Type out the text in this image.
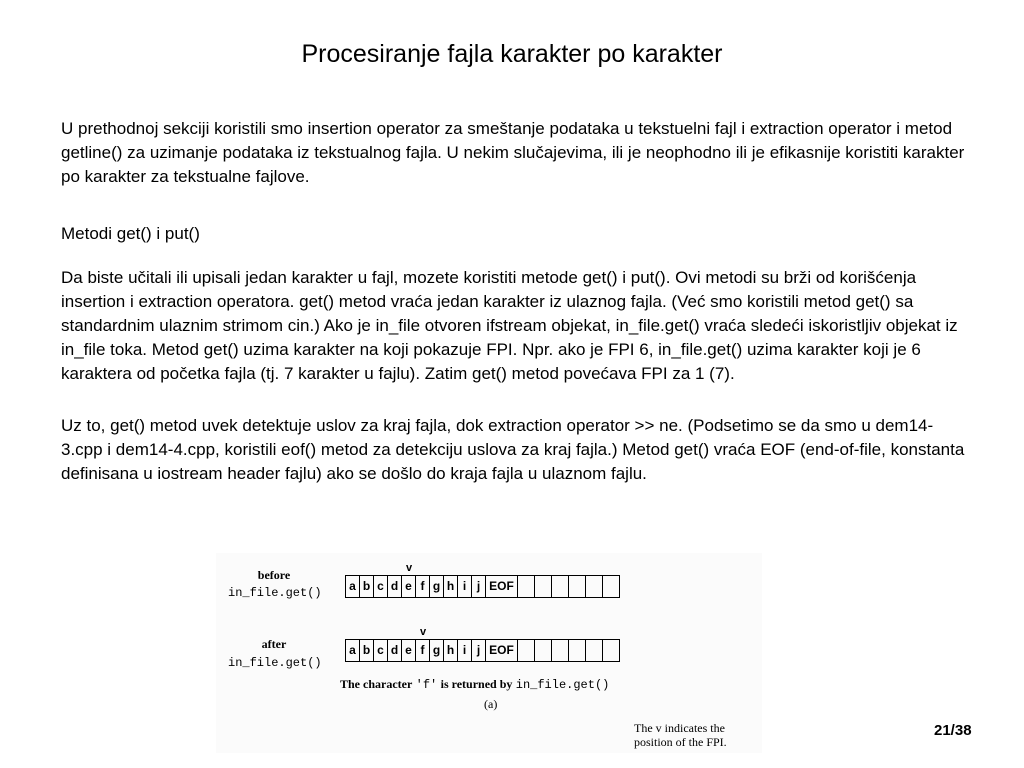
Procesiranje fajla karakter po karakter

U prethodnoj sekciji koristili smo insertion operator za smeštanje podataka u tekstuelni fajl i extraction operator i metod getline() za uzimanje podataka iz tekstualnog fajla. U nekim slučajevima, ili je neophodno ili je efikasnije koristiti karakter po karakter za tekstualne fajlove.

Metodi get() i put()

Da biste učitali ili upisali jedan karakter u fajl, mozete koristiti metode get() i put(). Ovi metodi su brži od korišćenja insertion i extraction operatora. get() metod vraća jedan karakter iz ulaznog fajla. (Već smo koristili metod get() sa standardnim ulaznim strimom cin.) Ako je in_file otvoren ifstream objekat, in_file.get() vraća sledeći iskoristljiv objekat iz in_file toka. Metod get() uzima karakter na koji pokazuje FPI. Npr. ako je FPI 6, in_file.get() uzima karakter koji je 6 karaktera od početka fajla (tj. 7 karakter u fajlu). Zatim get() metod povećava FPI za 1 (7).

Uz to, get() metod uvek detektuje uslov za kraj fajla, dok extraction operator >> ne. (Podsetimo se da smo u dem14-3.cpp i dem14-4.cpp, koristili eof() metod za detekciju uslova za kraj fajla.) Metod get() vraća EOF (end-of-file, konstanta definisana u iostream header fajlu) ako se došlo do kraja fajla u ulaznom fajlu.

before
in_file.get()
v
a b c d e f g h i j EOF
after
in_file.get()
v
a b c d e f g h i j EOF
The character 'f' is returned by in_file.get()
(a)
The v indicates the
position of the FPI.
21/38
